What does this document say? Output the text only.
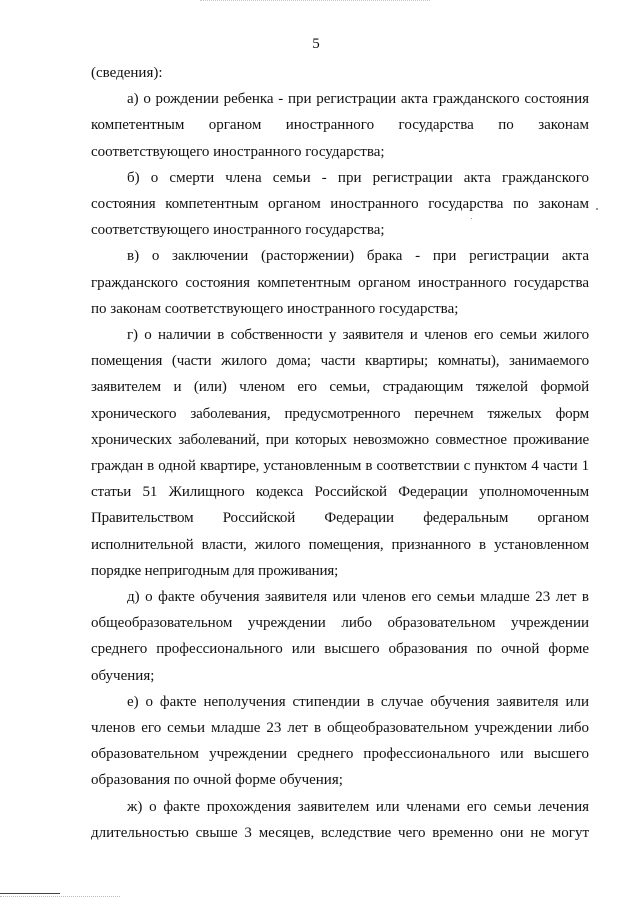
5

(сведения):

а) о рождении ребенка - при регистрации акта гражданского состояния компетентным органом иностранного государства по законам соответствующего иностранного государства;

б) о смерти члена семьи - при регистрации акта гражданского состояния компетентным органом иностранного государства по законам соответствующего иностранного государства;

в) о заключении (расторжении) брака - при регистрации акта гражданского состояния компетентным органом иностранного государства по законам соответствующего иностранного государства;

г) о наличии в собственности у заявителя и членов его семьи жилого помещения (части жилого дома; части квартиры; комнаты), занимаемого заявителем и (или) членом его семьи, страдающим тяжелой формой хронического заболевания, предусмотренного перечнем тяжелых форм хронических заболеваний, при которых невозможно совместное проживание граждан в одной квартире, установленным в соответствии с пунктом 4 части 1 статьи 51 Жилищного кодекса Российской Федерации уполномоченным Правительством Российской Федерации федеральным органом исполнительной власти, жилого помещения, признанного в установленном порядке непригодным для проживания;

д) о факте обучения заявителя или членов его семьи младше 23 лет в общеобразовательном учреждении либо образовательном учреждении среднего профессионального или высшего образования по очной форме обучения;

е) о факте неполучения стипендии в случае обучения заявителя или членов его семьи младше 23 лет в общеобразовательном учреждении либо образовательном учреждении среднего профессионального или высшего образования по очной форме обучения;

ж) о факте прохождения заявителем или членами его семьи лечения длительностью свыше 3 месяцев, вследствие чего временно они не могут
